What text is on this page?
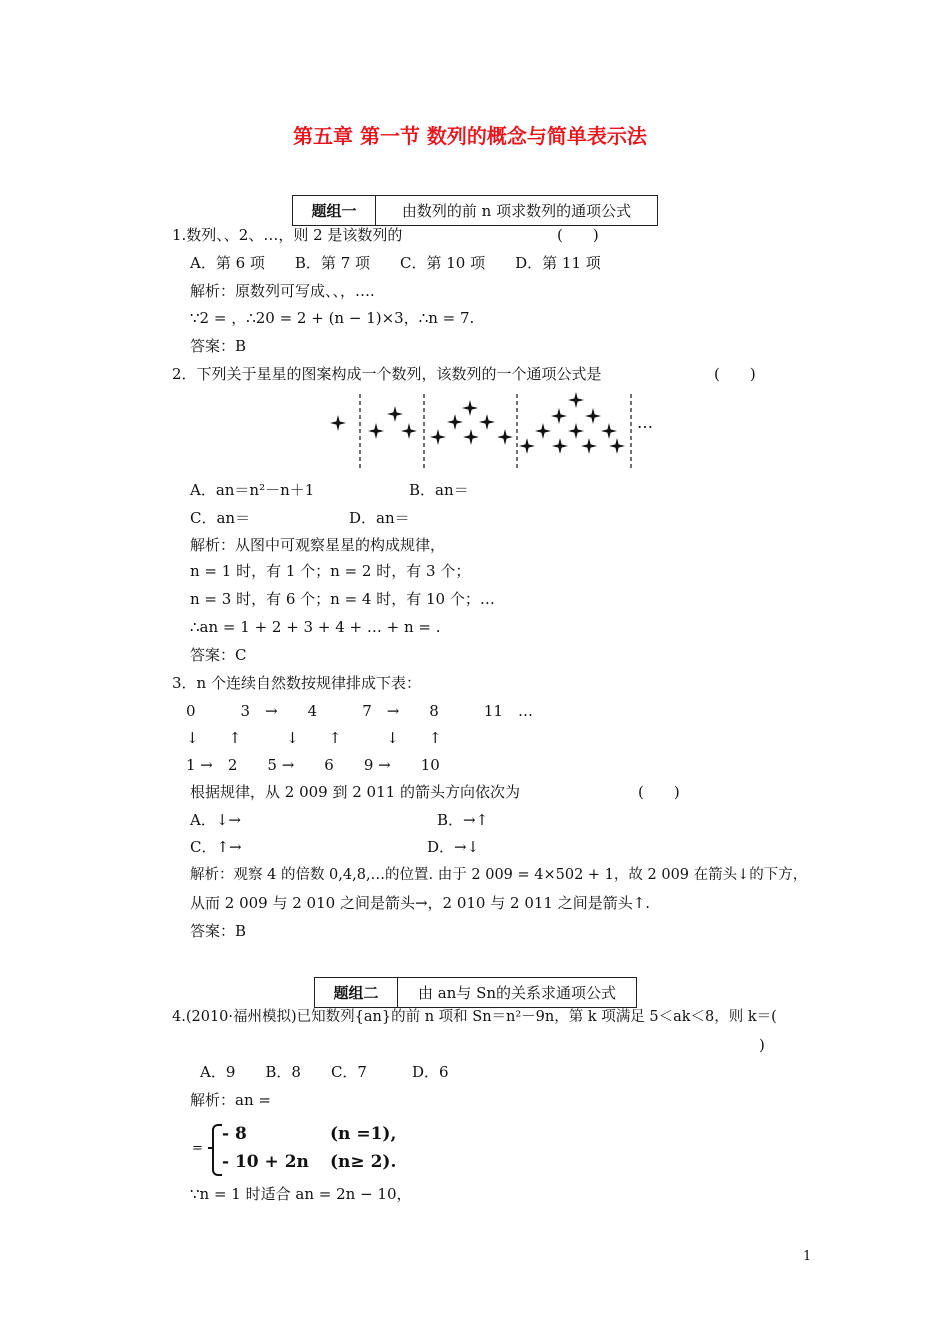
第五章 第一节 数列的概念与简单表示法
题组一	由数列的前 n 项求数列的通项公式
1.数列、、2、…，则 2 是该数列的	(　　)
A．第 6 项　　B．第 7 项　　C．第 10 项　　D．第 11 项
解析：原数列可写成、、，….
∵2 = ，∴20 = 2 + (n − 1)×3，∴n = 7.
答案：B
2．下列关于星星的图案构成一个数列，该数列的一个通项公式是	(　　)
…
A．an＝n²－n＋1	B．an＝
C．an＝	D．an＝
解析：从图中可观察星星的构成规律，
n = 1 时，有 1 个；n = 2 时，有 3 个；
n = 3 时，有 6 个；n = 4 时，有 10 个；…
∴an = 1 + 2 + 3 + 4 + … + n = .
答案：C
3．n 个连续自然数按规律排成下表：
0　　　3　→　　4　　　7　→　　8　　　11　…
↓　　↑　　　↓　　↑　　　↓　　↑
1 →　2　　5 →　　6　　9 →　　10
根据规律，从 2 009 到 2 011 的箭头方向依次为	(　　)
A．↓→	B．→↑
C．↑→	D．→↓
解析：观察 4 的倍数 0,4,8,…的位置. 由于 2 009 = 4×502 + 1，故 2 009 在箭头↓的下方，
从而 2 009 与 2 010 之间是箭头→，2 010 与 2 011 之间是箭头↑.
答案：B
题组二	由 an与 Sn的关系求通项公式
4.(2010·福州模拟)已知数列{an}的前 n 项和 Sn＝n²－9n，第 k 项满足 5＜ak＜8，则 k＝(
)
A．9　　B．8　　C．7　　　D．6
解析：an =
=
- 8	(n =1),
- 10 + 2n (n≥ 2).
∵n = 1 时适合 an = 2n − 10，
1
